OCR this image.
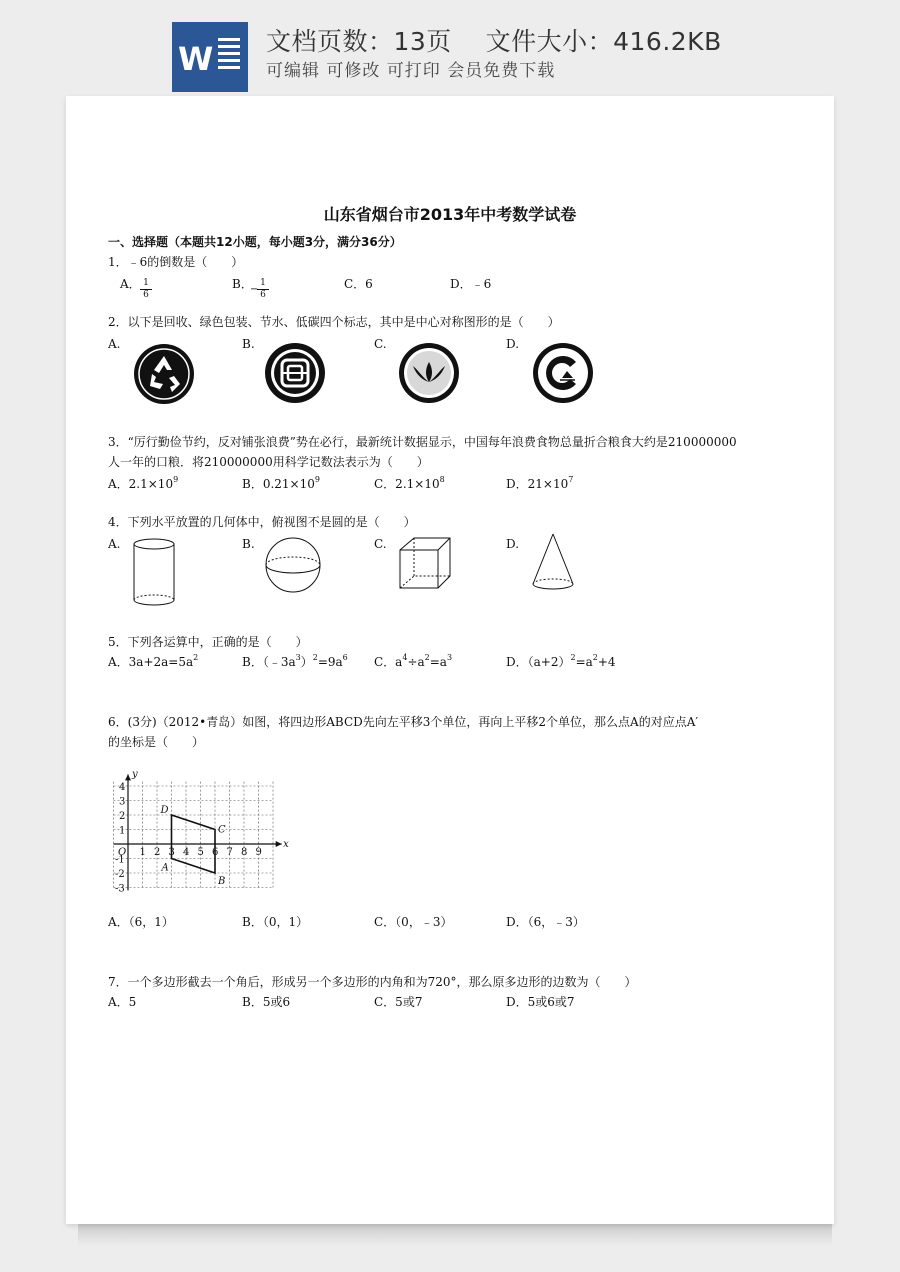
W 文档页数：13页 文件大小：416.2KB
可编辑 可修改 可打印 会员免费下载
山东省烟台市2013年中考数学试卷
一、选择题（本题共12小题，每小题3分，满分36分）
1．﹣6的倒数是（　　）
A． $\frac{1}{6}$	B．
−
$\frac{1}{6}$	C．6	D．﹣6
2．以下是回收、绿色包装、节水、低碳四个标志，其中是中心对称图形的是（　　）
A.	B.	C.	D.
3．“厉行勤俭节约，反对铺张浪费”势在必行，最新统计数据显示，中国每年浪费食物总量折合粮食大约是210000000
人一年的口粮．将210000000用科学记数法表示为（　　）
A．$2.1\times 10^9$	B．$0.21\times 10^9$	C．$2.1\times 10^8$	D．$21\times 10^7$
4．下列水平放置的几何体中，俯视图不是圆的是（　　）
A.	B.	C.	D.
5．下列各运算中，正确的是（　　）
A．$3a+2a=5a^2$	B．$(﹣3a^3)^2=9a^6$ C．$a^4\div a^2=a^3$	D．$(a+2)^2=a^2+4$
6．(3分)（2012•青岛）如图，将四边形ABCD先向左平移3个单位，再向上平移2个单位，那么点A的对应点A′
的坐标是（　　）
x
y
O 1 2 3 4 5 6 7 8 9
4
3
2
1
-1
-2
-3
A
B
C
D
A．（6，1）	B．（0，1）	C．（0，﹣3）	D．（6，﹣3）
7．一个多边形截去一个角后，形成另一个多边形的内角和为720°，那么原多边形的边数为（　　）
A．5	B．5或6	C．5或7	D．5或6或7
